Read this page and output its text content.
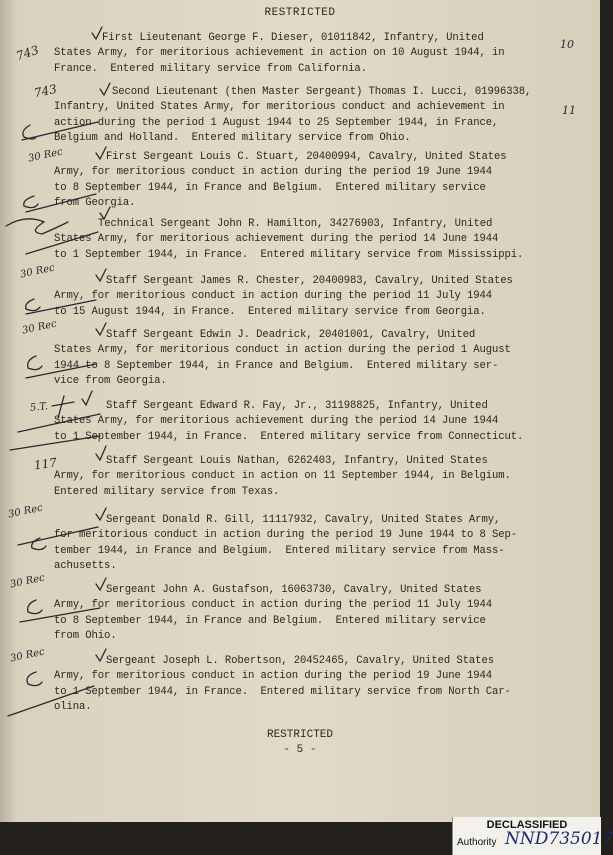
RESTRICTED
First Lieutenant George F. Dieser, 01011842, Infantry, United
States Army, for meritorious achievement in action on 10 August 1944, in
France.  Entered military service from California.
Second Lieutenant (then Master Sergeant) Thomas I. Lucci, 01996338,
Infantry, United States Army, for meritorious conduct and achievement in
action during the period 1 August 1944 to 25 September 1944, in France,
Belgium and Holland.  Entered military service from Ohio.
First Sergeant Louis C. Stuart, 20400994, Cavalry, United States
Army, for meritorious conduct in action during the period 19 June 1944
to 8 September 1944, in France and Belgium.  Entered military service
from Georgia.
Technical Sergeant John R. Hamilton, 34276903, Infantry, United
States Army, for meritorious achievement during the period 14 June 1944
to 1 September 1944, in France.  Entered military service from Mississippi.
Staff Sergeant James R. Chester, 20400983, Cavalry, United States
Army, for meritorious conduct in action during the period 11 July 1944
to 15 August 1944, in France.  Entered military service from Georgia.
Staff Sergeant Edwin J. Deadrick, 20401001, Cavalry, United
States Army, for meritorious conduct in action during the period 1 August
1944 to 8 September 1944, in France and Belgium.  Entered military ser-
vice from Georgia.
Staff Sergeant Edward R. Fay, Jr., 31198825, Infantry, United
States Army, for meritorious achievement during the period 14 June 1944
to 1 September 1944, in France.  Entered military service from Connecticut.
Staff Sergeant Louis Nathan, 6262403, Infantry, United States
Army, for meritorious conduct in action on 11 September 1944, in Belgium.
Entered military service from Texas.
Sergeant Donald R. Gill, 11117932, Cavalry, United States Army,
for meritorious conduct in action during the period 19 June 1944 to 8 Sep-
tember 1944, in France and Belgium.  Entered military service from Mass-
achusetts.
Sergeant John A. Gustafson, 16063730, Cavalry, United States
Army, for meritorious conduct in action during the period 11 July 1944
to 8 September 1944, in France and Belgium.  Entered military service
from Ohio.
Sergeant Joseph L. Robertson, 20452465, Cavalry, United States
Army, for meritorious conduct in action during the period 19 June 1944
to 1 September 1944, in France.  Entered military service from North Car-
olina.
RESTRICTED
- 5 -
743
743
30 Rec
30 Rec
30 Rec
5.T.
117
30 Rec
30 Rec
30 Rec
10
11
DECLASSIFIED
Authority NND735017
